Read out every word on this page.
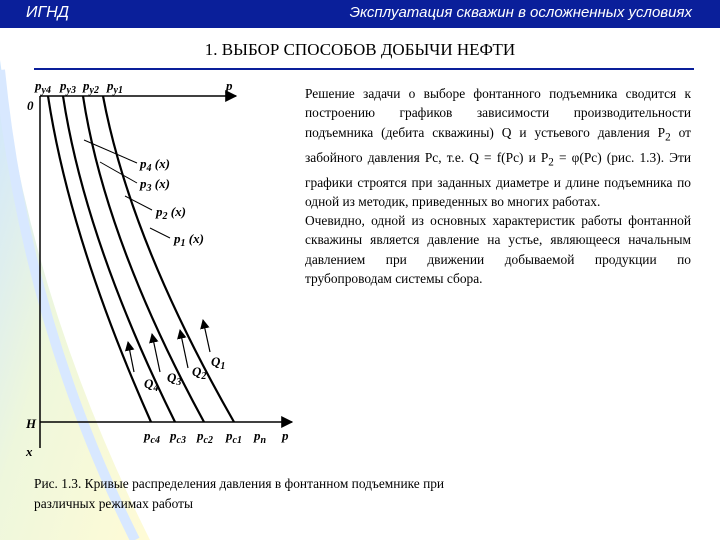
ИГНД	Эксплуатация скважин в осложненных условиях
1. ВЫБОР СПОСОБОВ ДОБЫЧИ НЕФТИ
0
p
$p_{y4}$ $p_{y3}$ $p_{y2}$ $p_{y1}$
$p_4$ (x)
$p_3$ (x)
$p_2$ (x)
$p_1$ (x)
$Q_4$
$Q_3$
$Q_2$
$Q_1$
H
x
$p_{c4}$ $p_{c3}$ $p_{c2}$ $p_{c1}$ $p_п$ p

Решение задачи о выборе фонтанного подъемника сводится к построению графиков зависимости производительности подъемника (дебита скважины) Q и устьевого давления $Р_2$ от забойного давления Рс, т.е. Q = f(Рс) и $Р_2 = \varphi(Рс)$ (рис. 1.3). Эти графики строятся при заданных диаметре и длине подъемника по одной из методик, приведенных во многих работах.

Очевидно, одной из основных характеристик работы фонтанной скважины является давление на устье, являющееся начальным давлением при движении добываемой продукции по трубопроводам системы сбора.

Рис. 1.3. Кривые распределения давления в фонтанном подъемнике при
различных режимах работы
